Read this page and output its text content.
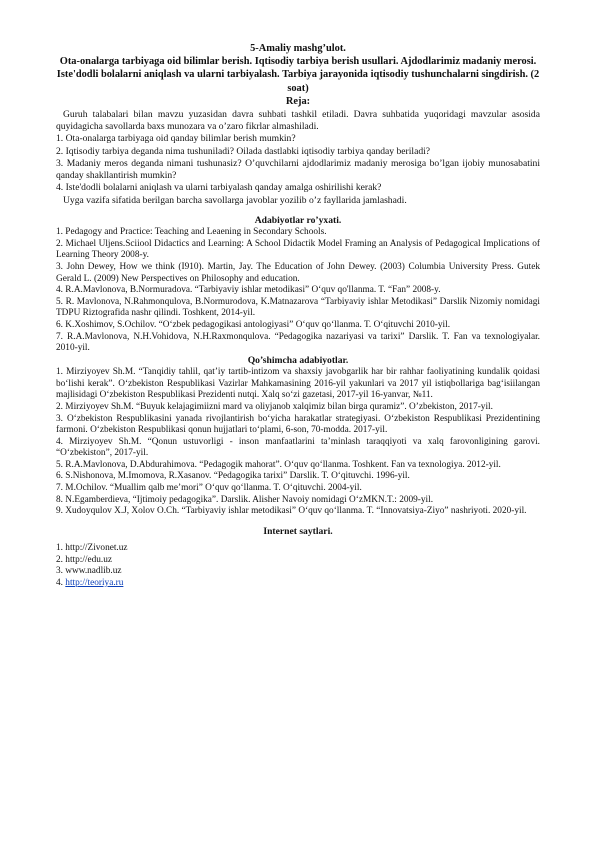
5-Amaliy mashg’ulot.

Ota-onalarga tarbiyaga oid bilimlar berish. Iqtisodiy tarbiya berish usullari. Ajdodlarimiz madaniy merosi. Iste'dodli bolalarni aniqlash va ularni tarbiyalash. Tarbiya jarayonida iqtisodiy tushunchalarni singdirish. (2 soat)

Reja:

Guruh talabalari bilan mavzu yuzasidan davra suhbati tashkil etiladi. Davra suhbatida yuqoridagi mavzular asosida quyidagicha savollarda baxs munozara va o’zaro fikrlar almashiladi.

1. Ota-onalarga tarbiyaga oid qanday bilimlar berish mumkin?
2. Iqtisodiy tarbiya deganda nima tushuniladi? Oilada dastlabki iqtisodiy tarbiya qanday beriladi?
3. Madaniy meros deganda nimani tushunasiz? O’quvchilarni ajdodlarimiz madaniy merosiga bo’lgan ijobiy munosabatini qanday shakllantirish mumkin?
4. Iste'dodli bolalarni aniqlash va ularni tarbiyalash qanday amalga oshirilishi kerak?

Uyga vazifa sifatida berilgan barcha savollarga javoblar yozilib o’z fayllarida jamlashadi.

Adabiyotlar ro’yxati.

1. Pedagogy and Practice: Teaching and Leaening in Secondary Schools.
2. Michael Uljens.Sciiool Didactics and Learning: A School Didactik Model Framing an Analysis of Pedagogical Implications of Learning Theory 2008-y.
3. John Dewey, How we think (I910). Martin, Jay. The Education of John Dewey. (2003) Columbia University Press. Gutek Gerald L. (2009) New Perspectives on Philosophy and education.
4. R.A.Mavlonova, B.Normuradova. “Tarbiyaviy ishlar metodikasi” O‘quv qo'llanma. T. “Fan” 2008-y.
5. R. Mavlonova, N.Rahmonqulova, B.Normurodova, K.Matnazarova “Tarbiyaviy ishlar Metodikasi” Darslik Nizomiy nomidagi TDPU Riztografida nashr qilindi. Toshkent, 2014-yil.
6. K.Xoshimov, S.Ochilov. “O‘zbek pedagogikasi antologiyasi” O‘quv qo‘llanma. T. O‘qituvchi 2010-yil.
7. R.A.Mavlonova, N.H.Vohidova, N.H.Raxmonqulova. “Pedagogika nazariyasi va tarixi” Darslik. T. Fan va texnologiyalar. 2010-yil.

Qo’shimcha adabiyotlar.

1. Mirziyoyev Sh.M. “Tanqidiy tahlil, qat’iy tartib-intizom va shaxsiy javobgarlik har bir rahhar faoliyatining kundalik qoidasi bo‘lishi kerak”. O‘zbekiston Respublikasi Vazirlar Mahkamasining 2016-yil yakunlari va 2017 yil istiqbollariga bag‘isiilangan majlisidagi O‘zbekiston Respublikasi Prezidenti nutqi. Xalq so‘zi gazetasi, 2017-yil 16-yanvar, №11.
2. Mirziyoyev Sh.M. “Buyuk kelajagimiizni mard va oliyjanob xalqimiz bilan birga quramiz”. O’zbekiston, 2017-yil.
3. O‘zbekiston Respublikasini yanada rivojlantirish bo‘yicha harakatlar strategiyasi. O‘zbekiston Respublikasi Prezidentining farmoni. O‘zbekiston Respublikasi qonun hujjatlari to‘plami, 6-son, 70-modda. 2017-yil.
4. Mirziyoyev Sh.M. “Qonun ustuvorligi - inson manfaatlarini ta’minlash taraqqiyoti va xalq farovonligining garovi. “O‘zbekiston”, 2017-yil.
5. R.A.Mavlonova, D.Abdurahimova. “Pedagogik mahorat”. O‘quv qo‘llanma. Toshkent. Fan va texnologiya. 2012-yil.
6. S.Nishonova, M.Imomova, R.Xasanov. “Pedagogika tarixi” Darslik. T. O‘qituvchi. 1996-yil.
7. M.Ochilov. “Muallim qalb me’mori” O‘quv qo‘llanma. T. O‘qituvchi. 2004-yil.
8. N.Egamberdieva, “Ijtimoiy pedagogika”. Darslik. Alisher Navoiy nomidagi O‘zMKN.T.: 2009-yil.
9. Xudoyqulov X.J, Xolov O.Ch. “Tarbiyaviy ishlar metodikasi” O‘quv qo‘llanma. T. “Innovatsiya-Ziyo” nashriyoti. 2020-yil.

Internet saytlari.

1. http://Zivonet.uz
2. http://edu.uz
3. www.nadlib.uz
4. http://teoriya.ru
